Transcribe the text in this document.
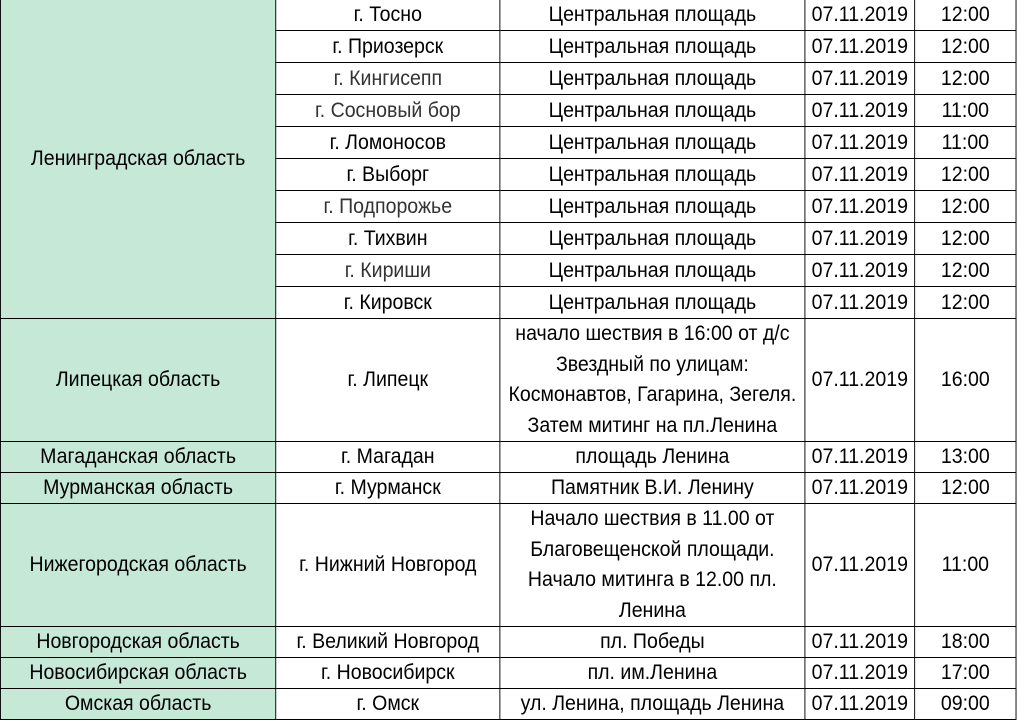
Ленинградская область	г. Тосно	Центральная площадь	07.11.2019	12:00
	г. Приозерск	Центральная площадь	07.11.2019	12:00
	г. Кингисепп	Центральная площадь	07.11.2019	12:00
	г. Сосновый бор	Центральная площадь	07.11.2019	11:00
	г. Ломоносов	Центральная площадь	07.11.2019	11:00
	г. Выборг	Центральная площадь	07.11.2019	12:00
	г. Подпорожье	Центральная площадь	07.11.2019	12:00
	г. Тихвин	Центральная площадь	07.11.2019	12:00
	г. Кириши	Центральная площадь	07.11.2019	12:00
	г. Кировск	Центральная площадь	07.11.2019	12:00
Липецкая область	г. Липецк	начало шествия в 16:00 от д/с Звездный по улицам: Космонавтов, Гагарина, Зегеля. Затем митинг на пл.Ленина	07.11.2019	16:00
Магаданская область	г. Магадан	площадь Ленина	07.11.2019	13:00
Мурманская область	г. Мурманск	Памятник В.И. Ленину	07.11.2019	12:00
Нижегородская область	г. Нижний Новгород	Начало шествия в 11.00 от Благовещенской площади. Начало митинга в 12.00 пл. Ленина	07.11.2019	11:00
Новгородская область	г. Великий Новгород	пл. Победы	07.11.2019	18:00
Новосибирская область	г. Новосибирск	пл. им.Ленина	07.11.2019	17:00
Омская область	г. Омск	ул. Ленина, площадь Ленина	07.11.2019	09:00
